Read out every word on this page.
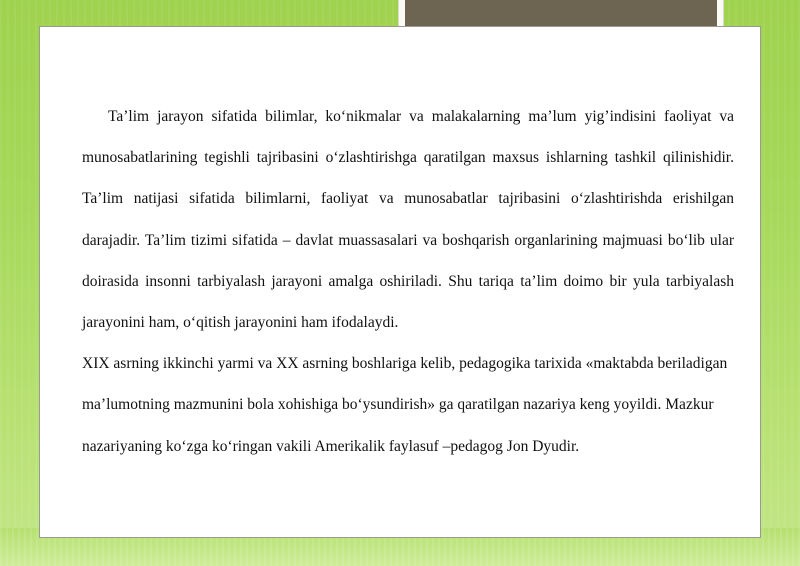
Ta’lim jarayon sifatida bilimlar, ko‘nikmalar va malakalarning ma’lum yig’indisini faoliyat va munosabatlarining tegishli tajribasini o‘zlashtirishga qaratilgan maxsus ishlarning tashkil qilinishidir. Ta’lim natijasi sifatida bilimlarni, faoliyat va munosabatlar tajribasini o‘zlashtirishda erishilgan darajadir. Ta’lim tizimi sifatida – davlat muassasalari va boshqarish organlarining majmuasi bo‘lib ular doirasida insonni tarbiyalash jarayoni amalga oshiriladi. Shu tariqa ta’lim doimo bir yula tarbiyalash jarayonini ham, o‘qitish jarayonini ham ifodalaydi.

XIX asrning ikkinchi yarmi va XX asrning boshlariga kelib, pedagogika tarixida «maktabda beriladigan ma’lumotning mazmunini bola xohishiga bo‘ysundirish» ga qaratilgan nazariya keng yoyildi. Mazkur nazariyaning ko‘zga ko‘ringan vakili Amerikalik faylasuf –pedagog Jon Dyudir.
